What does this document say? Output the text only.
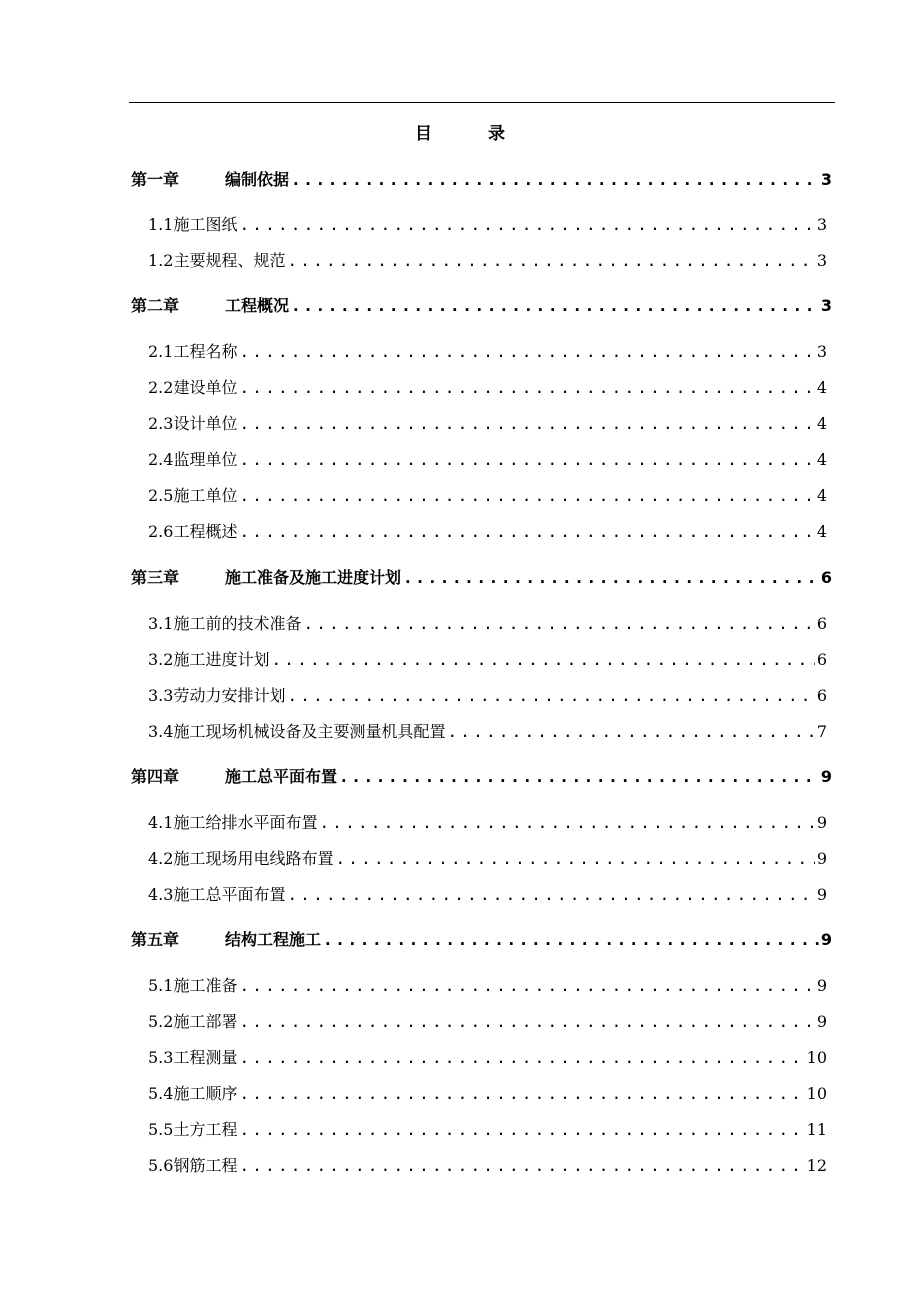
目	录
第一章	编制依据 .....	3
1.1 施工图纸 .....	3
1.2 主要规程、规范 .....	3
第二章	工程概况 .....	3
2.1 工程名称 .....	3
2.2 建设单位 .....	4
2.3 设计单位 .....	4
2.4 监理单位 .....	4
2.5 施工单位 .....	4
2.6 工程概述 .....	4
第三章	施工准备及施工进度计划 .....	6
3.1 施工前的技术准备 .....	6
3.2 施工进度计划 .....	6
3.3 劳动力安排计划 .....	6
3.4 施工现场机械设备及主要测量机具配置 .....	7
第四章	施工总平面布置 .....	9
4.1 施工给排水平面布置 .....	9
4.2 施工现场用电线路布置 .....	9
4.3 施工总平面布置 .....	9
第五章	结构工程施工 .....	9
5.1 施工准备 .....	9
5.2 施工部署 .....	9
5.3 工程测量 .....	10
5.4 施工顺序 .....	10
5.5 土方工程 .....	11
5.6 钢筋工程 .....	12
